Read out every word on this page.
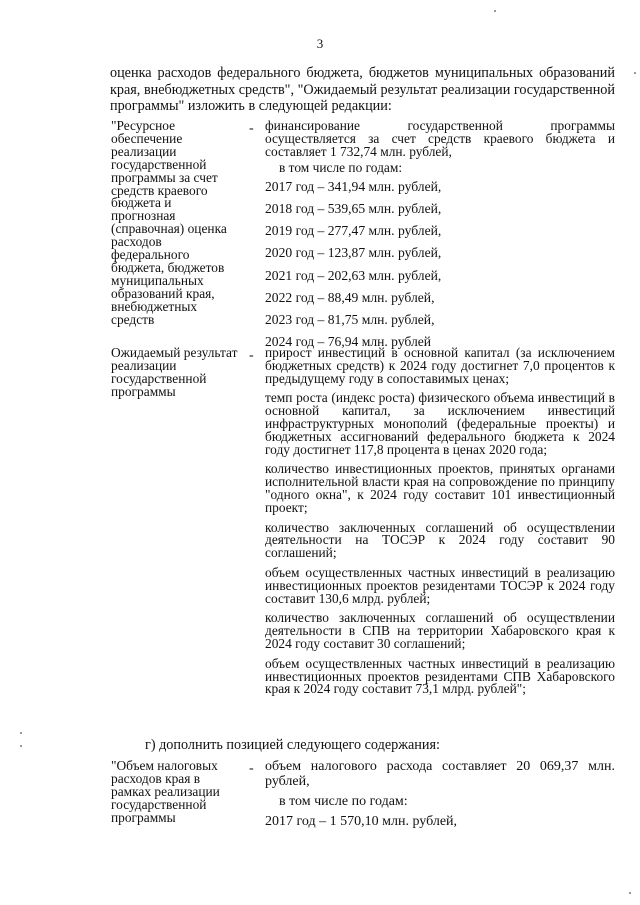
3

оценка расходов федерального бюджета, бюджетов муниципальных образований края, внебюджетных средств", "Ожидаемый результат реализации государственной программы" изложить в следующей редакции:

"Ресурсное обеспечение реализации государственной программы за счет средств краевого бюджета и прогнозная (справочная) оценка расходов федерального бюджета, бюджетов муниципальных образований края, внебюджетных средств
- финансирование государственной программы осуществляется за счет средств краевого бюджета и составляет 1 732,74 млн. рублей,

в том числе по годам:

2017 год – 341,94 млн. рублей,

2018 год – 539,65 млн. рублей,

2019 год – 277,47 млн. рублей,

2020 год – 123,87 млн. рублей,

2021 год – 202,63 млн. рублей,

2022 год – 88,49 млн. рублей,

2023 год – 81,75 млн. рублей,

2024 год – 76,94 млн. рублей

Ожидаемый результат реализации государственной программы
- прирост инвестиций в основной капитал (за исключением бюджетных средств) к 2024 году достигнет 7,0 процентов к предыдущему году в сопоставимых ценах;

темп роста (индекс роста) физического объема инвестиций в основной капитал, за исключением инвестиций инфраструктурных монополий (федеральные проекты) и бюджетных ассигнований федерального бюджета к 2024 году достигнет 117,8 процента в ценах 2020 года;

количество инвестиционных проектов, принятых органами исполнительной власти края на сопровождение по принципу "одного окна", к 2024 году составит 101 инвестиционный проект;

количество заключенных соглашений об осуществлении деятельности на ТОСЭР к 2024 году составит 90 соглашений;

объем осуществленных частных инвестиций в реализацию инвестиционных проектов резидентами ТОСЭР к 2024 году составит 130,6 млрд. рублей;

количество заключенных соглашений об осуществлении деятельности в СПВ на территории Хабаровского края к 2024 году составит 30 соглашений;

объем осуществленных частных инвестиций в реализацию инвестиционных проектов резидентами СПВ Хабаровского края к 2024 году составит 73,1 млрд. рублей";

г) дополнить позицией следующего содержания:
"Объем налоговых расходов края в рамках реализации государственной программы
- объем налогового расхода составляет 20 069,37 млн. рублей,

в том числе по годам:

2017 год – 1 570,10 млн. рублей,
